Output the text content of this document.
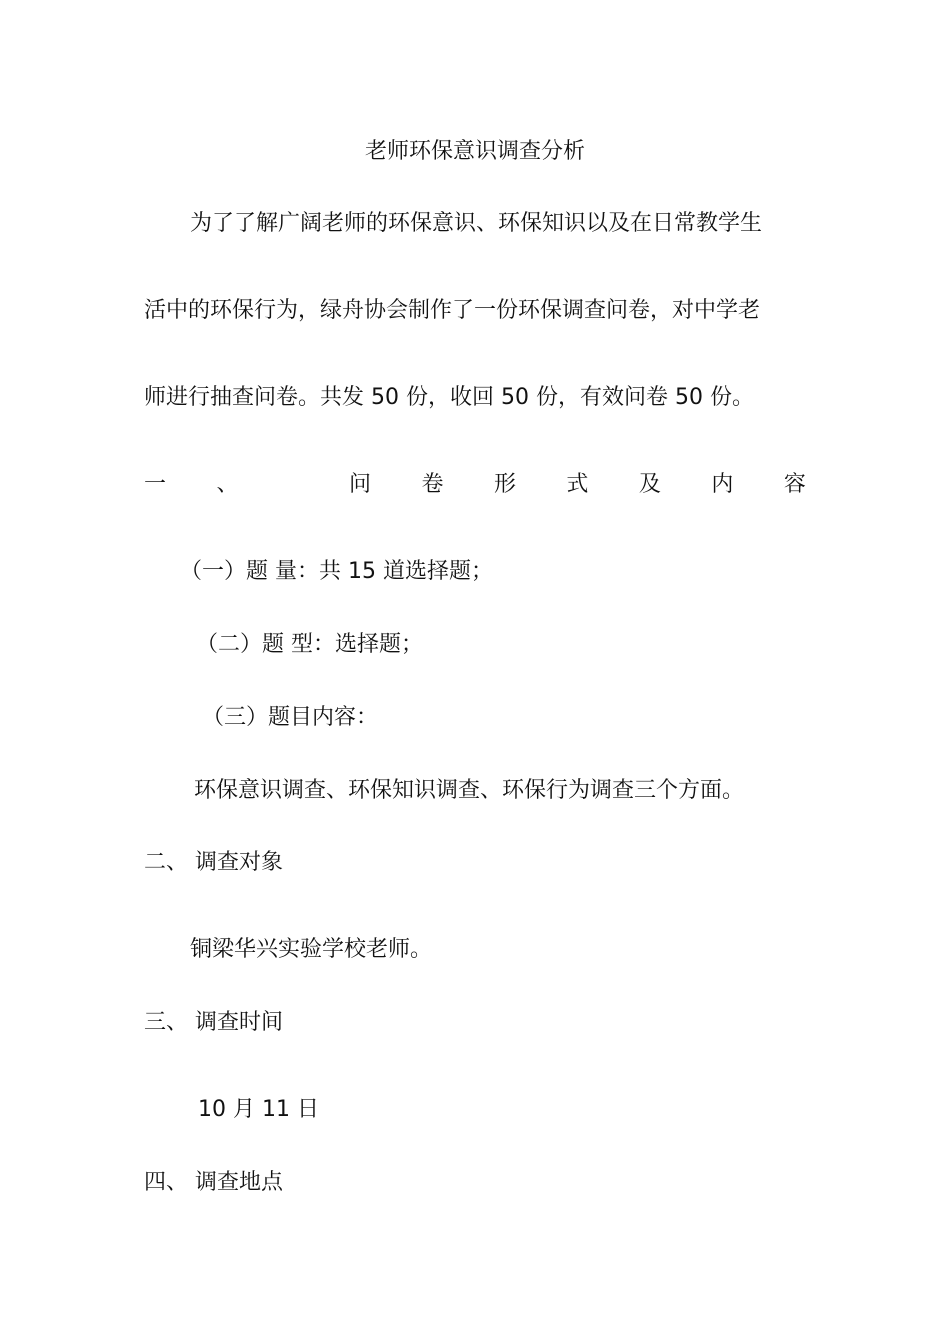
老师环保意识调查分析
为了了解广阔老师的环保意识、环保知识以及在日常教学生
活中的环保行为，绿舟协会制作了一份环保调查问卷，对中学老
师进行抽查问卷。共发 50 份，收回 50 份，有效问卷 50 份。
一 、	问 卷 形 式 及 内 容
（一）题 量：共 15 道选择题；
（二）题 型：选择题；
（三）题目内容：
环保意识调查、环保知识调查、环保行为调查三个方面。
二、 调查对象
铜梁华兴实验学校老师。
三、 调查时间
10 月 11 日
四、 调查地点
